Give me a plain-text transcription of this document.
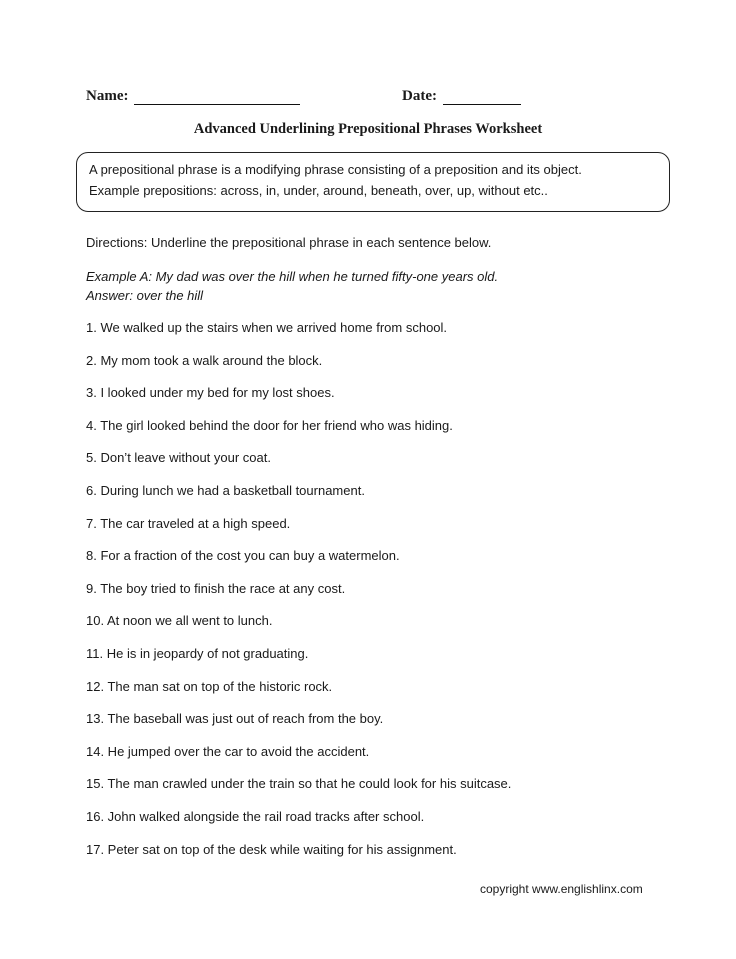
Name:	Date:
Advanced Underlining Prepositional Phrases Worksheet
A prepositional phrase is a modifying phrase consisting of a preposition and its object.
Example prepositions: across, in, under, around, beneath, over, up, without etc..
Directions: Underline the prepositional phrase in each sentence below.
Example A: My dad was over the hill when he turned fifty-one years old.
Answer: over the hill
1. We walked up the stairs when we arrived home from school.
2. My mom took a walk around the block.
3. I looked under my bed for my lost shoes.
4. The girl looked behind the door for her friend who was hiding.
5. Don’t leave without your coat.
6. During lunch we had a basketball tournament.
7. The car traveled at a high speed.
8. For a fraction of the cost you can buy a watermelon.
9. The boy tried to finish the race at any cost.
10. At noon we all went to lunch.
11. He is in jeopardy of not graduating.
12. The man sat on top of the historic rock.
13. The baseball was just out of reach from the boy.
14. He jumped over the car to avoid the accident.
15. The man crawled under the train so that he could look for his suitcase.
16. John walked alongside the rail road tracks after school.
17. Peter sat on top of the desk while waiting for his assignment.
copyright www.englishlinx.com
